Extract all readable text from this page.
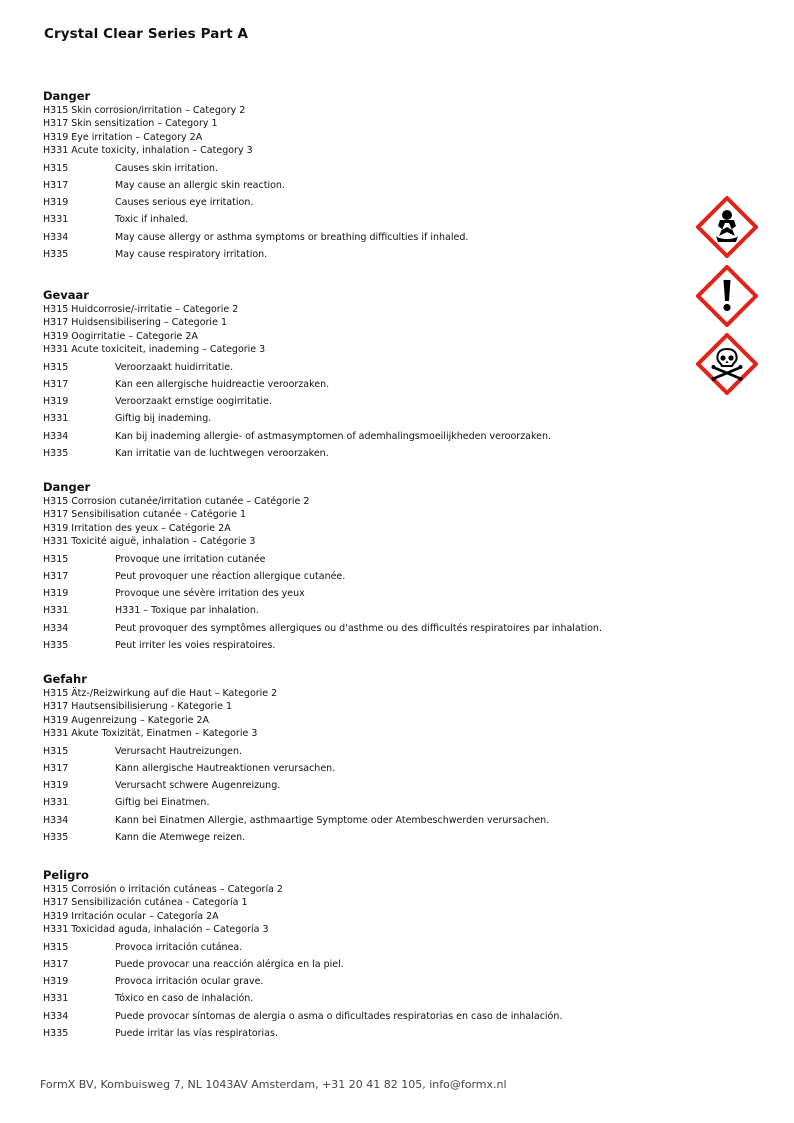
Crystal Clear Series Part A
Danger
H315 Skin corrosion/irritation – Category 2
H317 Skin sensitization – Category 1
H319 Eye irritation – Category 2A
H331 Acute toxicity, inhalation – Category 3
H315	Causes skin irritation.
H317	May cause an allergic skin reaction.
H319	Causes serious eye irritation.
H331	Toxic if inhaled.
H334	May cause allergy or asthma symptoms or breathing difficulties if inhaled.
H335	May cause respiratory irritation.
Gevaar
H315 Huidcorrosie/-irritatie – Categorie 2
H317 Huidsensibilisering – Categorie 1
H319 Oogirritatie – Categorie 2A
H331 Acute toxiciteit, inademing – Categorie 3
H315	Veroorzaakt huidirritatie.
H317	Kan een allergische huidreactie veroorzaken.
H319	Veroorzaakt ernstige oogirritatie.
H331	Giftig bij inademing.
H334	Kan bij inademing allergie- of astmasymptomen of ademhalingsmoeilijkheden veroorzaken.
H335	Kan irritatie van de luchtwegen veroorzaken.
Danger
H315 Corrosion cutanée/irritation cutanée – Catégorie 2
H317 Sensibilisation cutanée - Catégorie 1
H319 Irritation des yeux – Catégorie 2A
H331 Toxicité aiguë, inhalation – Catégorie 3
H315	Provoque une irritation cutanée
H317	Peut provoquer une réaction allergique cutanée.
H319	Provoque une sévère irritation des yeux
H331	H331 – Toxique par inhalation.
H334	Peut provoquer des symptômes allergiques ou d'asthme ou des difficultés respiratoires par inhalation.
H335	Peut irriter les voies respiratoires.
Gefahr
H315 Ätz-/Reizwirkung auf die Haut – Kategorie 2
H317 Hautsensibilisierung - Kategorie 1
H319 Augenreizung – Kategorie 2A
H331 Akute Toxizität, Einatmen – Kategorie 3
H315	Verursacht Hautreizungen.
H317	Kann allergische Hautreaktionen verursachen.
H319	Verursacht schwere Augenreizung.
H331	Giftig bei Einatmen.
H334	Kann bei Einatmen Allergie, asthmaartige Symptome oder Atembeschwerden verursachen.
H335	Kann die Atemwege reizen.
Peligro
H315 Corrosión o irritación cutáneas – Categoría 2
H317 Sensibilización cutánea - Categoría 1
H319 Irritación ocular – Categoría 2A
H331 Toxicidad aguda, inhalación – Categoría 3
H315	Provoca irritación cutánea.
H317	Puede provocar una reacción alérgica en la piel.
H319	Provoca irritación ocular grave.
H331	Tóxico en caso de inhalación.
H334	Puede provocar síntomas de alergia o asma o dificultades respiratorias en caso de inhalación.
H335	Puede irritar las vías respiratorias.
FormX BV, Kombuisweg 7, NL 1043AV Amsterdam, +31 20 41 82 105, info@formx.nl
